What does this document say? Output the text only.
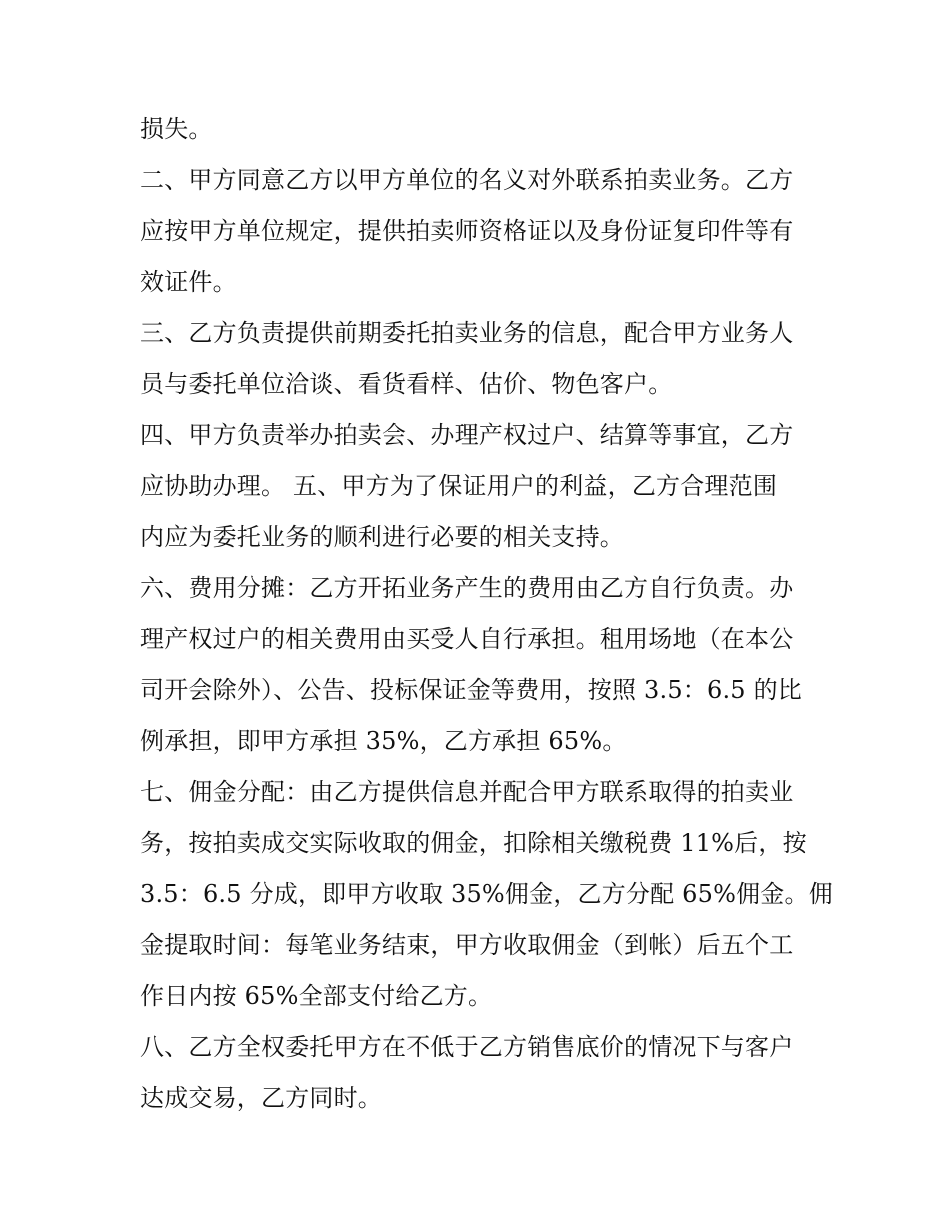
损失。

二、甲方同意乙方以甲方单位的名义对外联系拍卖业务。乙方
应按甲方单位规定，提供拍卖师资格证以及身份证复印件等有
效证件。

三、乙方负责提供前期委托拍卖业务的信息，配合甲方业务人
员与委托单位洽谈、看货看样、估价、物色客户。

四、甲方负责举办拍卖会、办理产权过户、结算等事宜，乙方
应协助办理。 五、甲方为了保证用户的利益，乙方合理范围
内应为委托业务的顺利进行必要的相关支持。

六、费用分摊：乙方开拓业务产生的费用由乙方自行负责。办
理产权过户的相关费用由买受人自行承担。租用场地（在本公
司开会除外）、公告、投标保证金等费用，按照 3.5：6.5 的比
例承担，即甲方承担 35%，乙方承担 65%。

七、佣金分配：由乙方提供信息并配合甲方联系取得的拍卖业
务，按拍卖成交实际收取的佣金，扣除相关缴税费 11%后，按
3.5：6.5 分成，即甲方收取 35%佣金，乙方分配 65%佣金。佣
金提取时间：每笔业务结束，甲方收取佣金（到帐）后五个工
作日内按 65%全部支付给乙方。

八、乙方全权委托甲方在不低于乙方销售底价的情况下与客户
达成交易，乙方同时。
